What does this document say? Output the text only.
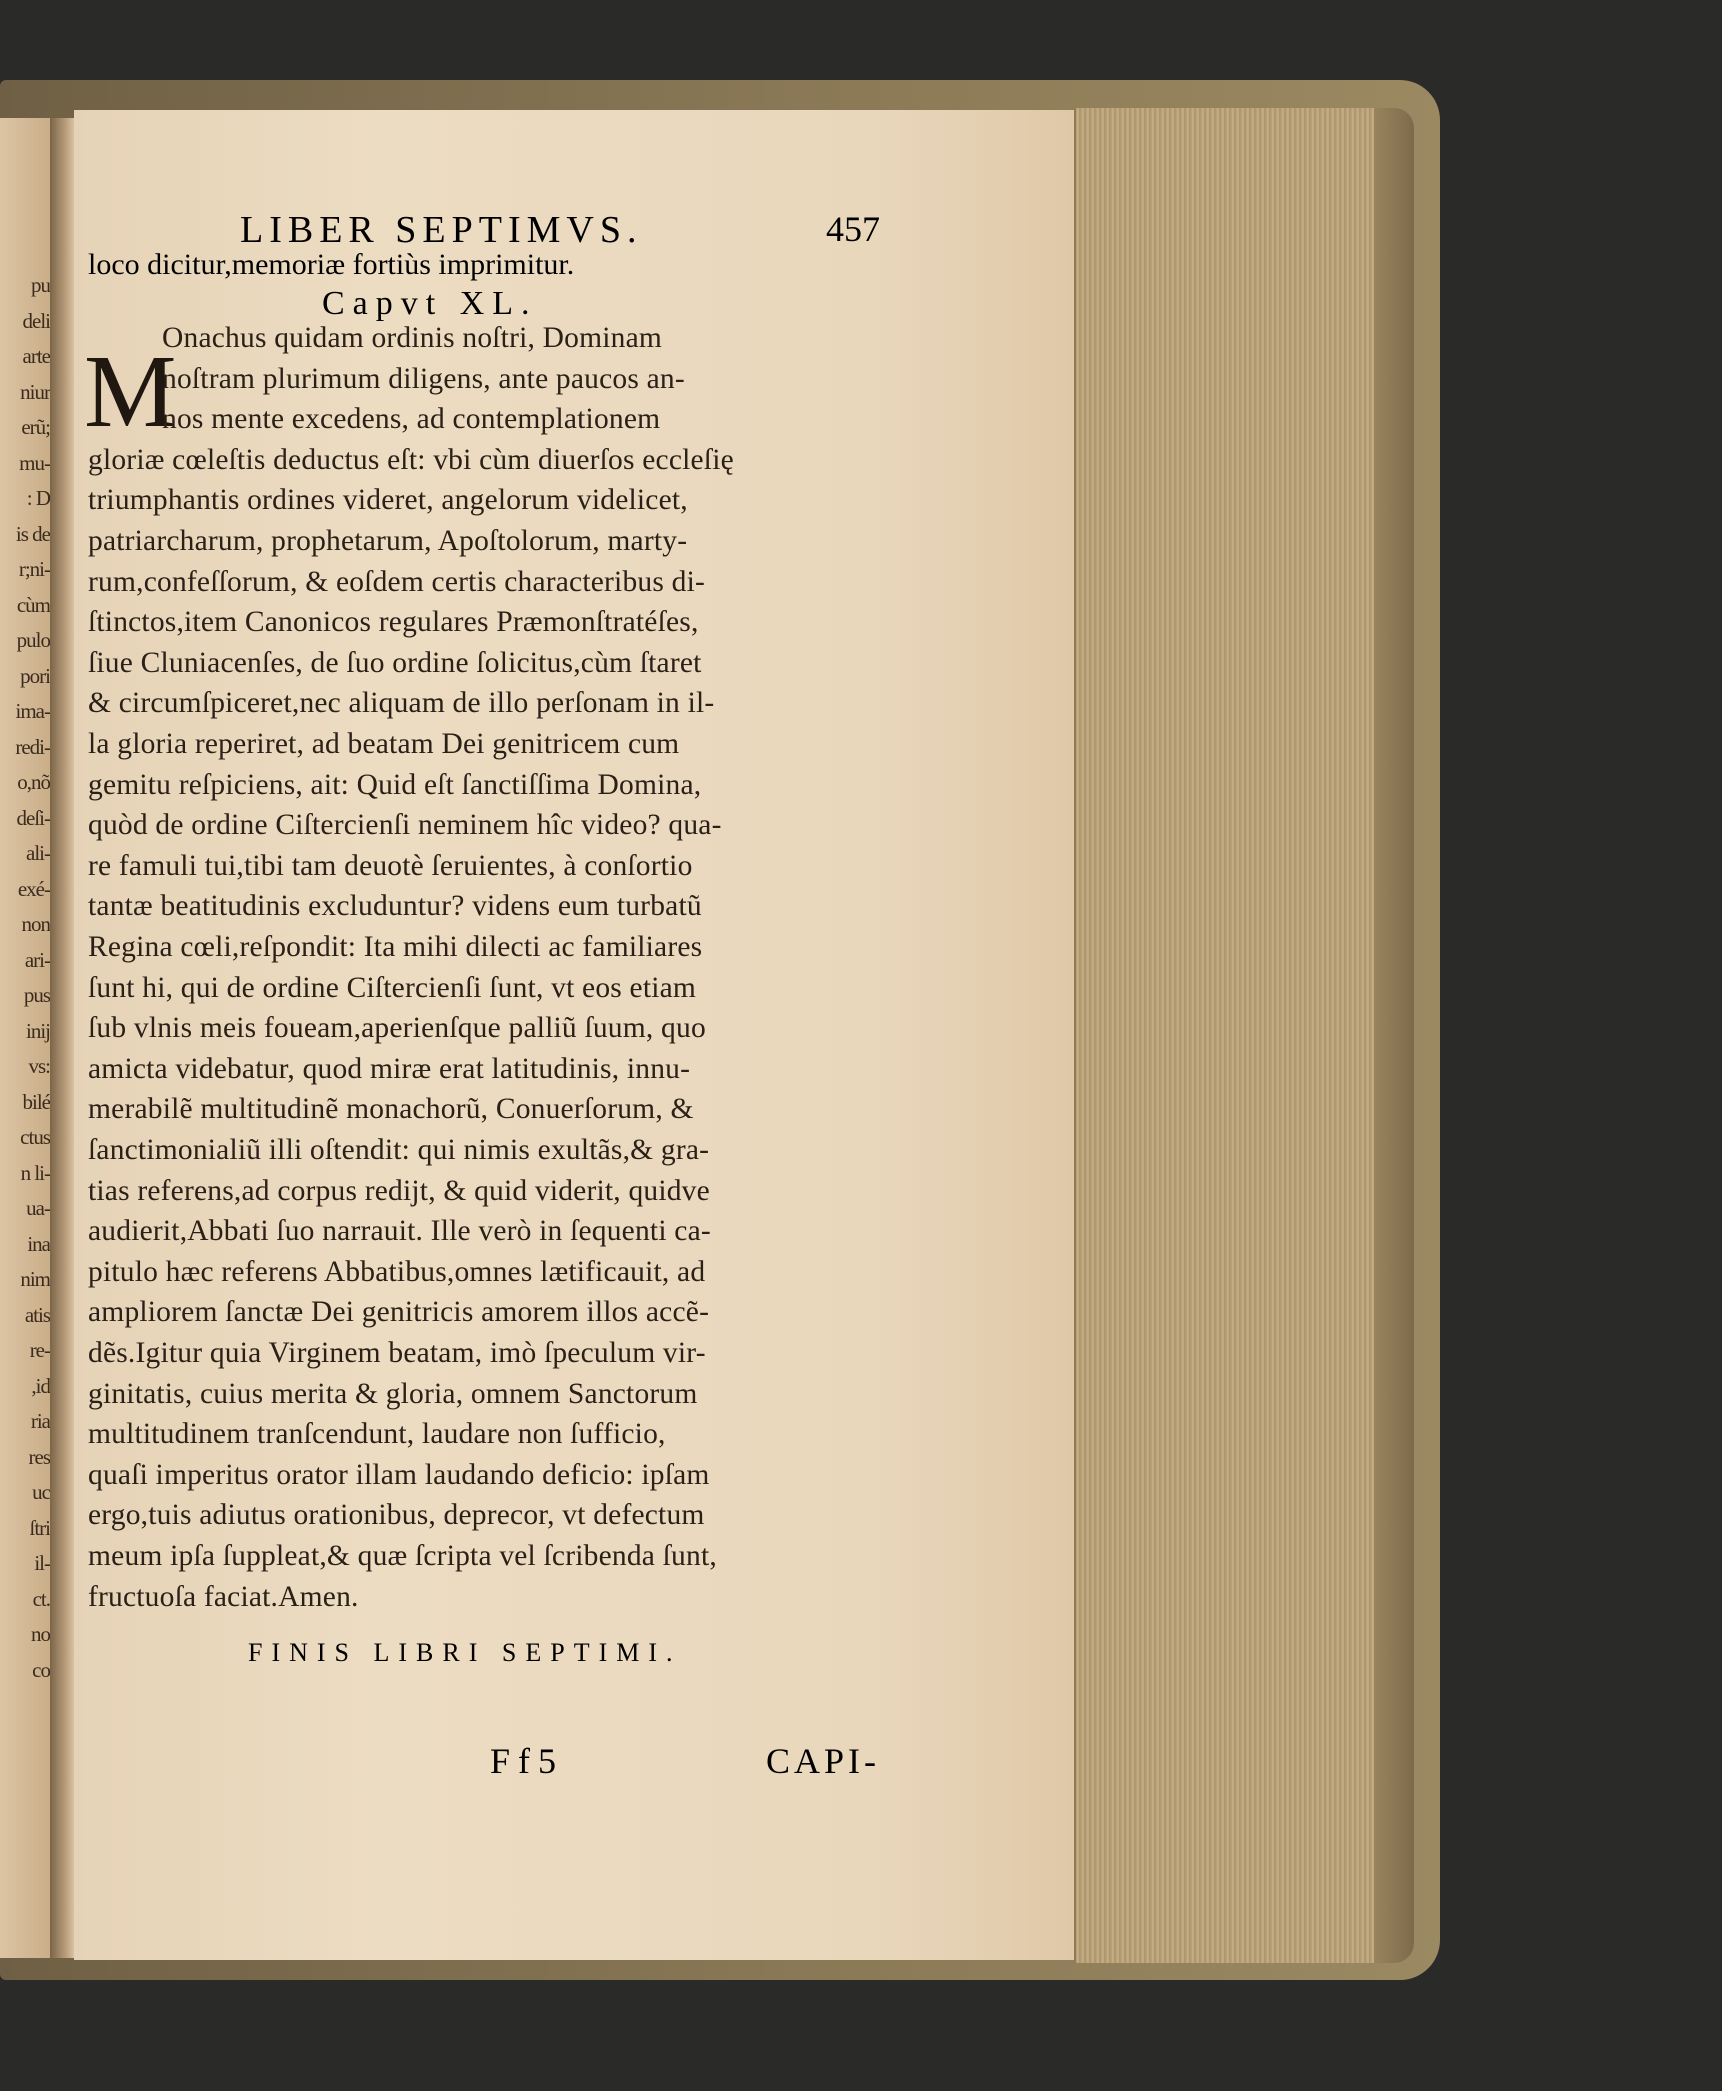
pu
deli
arte
niur
erũ;
mu-
: D
is de
r;ni-
cùm
pulo
pori
ima-
redi-
o,nõ
deſi-
ali-
exé-
non
ari-
pus
inij
vs:
bilé
ctus
n li-
ua-
ina
nim
atis
re-
,id
ria
res
uc
ſtri
il-
ct.
no
co
LIBER SEPTIMVS.	457
loco dicitur,memoriæ fortiùs imprimitur.
Capvt XL.
M
Onachus quidam ordinis noſtri, Dominam
noſtram plurimum diligens, ante paucos an-
nos mente excedens, ad contemplationem
gloriæ cœleſtis deductus eſt: vbi cùm diuerſos eccleſię
triumphantis ordines videret, angelorum videlicet,
patriarcharum, prophetarum, Apoſtolorum, marty-
rum,confeſſorum, & eoſdem certis characteribus di-
ſtinctos,item Canonicos regulares Præmonſtratéſes,
ſiue Cluniacenſes, de ſuo ordine ſolicitus,cùm ſtaret
& circumſpiceret,nec aliquam de illo perſonam in il-
la gloria reperiret, ad beatam Dei genitricem cum
gemitu reſpiciens, ait: Quid eſt ſanctiſſima Domina,
quòd de ordine Ciſtercienſi neminem hîc video? qua-
re famuli tui,tibi tam deuotè ſeruientes, à conſortio
tantæ beatitudinis excluduntur? videns eum turbatũ
Regina cœli,reſpondit: Ita mihi dilecti ac familiares
ſunt hi, qui de ordine Ciſtercienſi ſunt, vt eos etiam
ſub vlnis meis foueam,aperienſque palliũ ſuum, quo
amicta videbatur, quod miræ erat latitudinis, innu-
merabilẽ multitudinẽ monachorũ, Conuerſorum, &
ſanctimonialiũ illi oſtendit: qui nimis exultãs,& gra-
tias referens,ad corpus redijt, & quid viderit, quidve
audierit,Abbati ſuo narrauit. Ille verò in ſequenti ca-
pitulo hæc referens Abbatibus,omnes lætificauit, ad
ampliorem ſanctæ Dei genitricis amorem illos accẽ-
dẽs.Igitur quia Virginem beatam, imò ſpeculum vir-
ginitatis, cuius merita & gloria, omnem Sanctorum
multitudinem tranſcendunt, laudare non ſufficio,
quaſi imperitus orator illam laudando deficio: ipſam
ergo,tuis adiutus orationibus, deprecor, vt defectum
meum ipſa ſuppleat,& quæ ſcripta vel ſcribenda ſunt,
fructuoſa faciat.Amen.
FINIS LIBRI SEPTIMI.
Ff5	CAPI-
